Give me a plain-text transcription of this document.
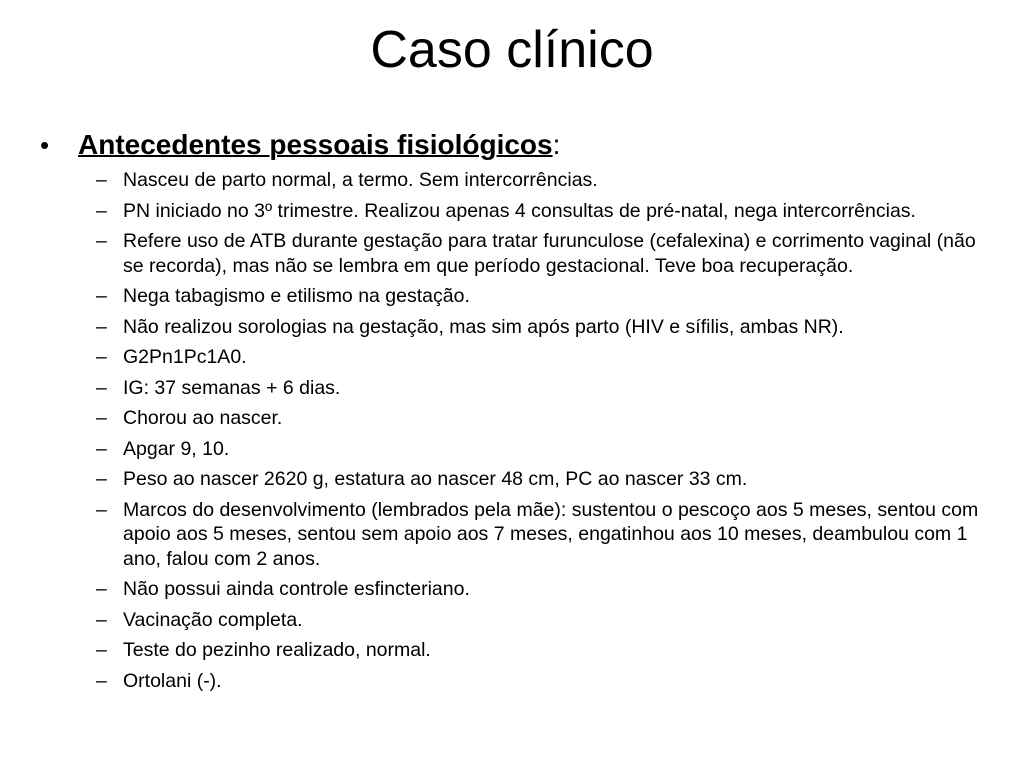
Caso clínico
•	Antecedentes pessoais fisiológicos:
– Nasceu de parto normal, a termo. Sem intercorrências.
– PN iniciado no 3º trimestre. Realizou apenas 4 consultas de pré-natal, nega intercorrências.
– Refere uso de ATB durante gestação para tratar furunculose (cefalexina) e corrimento vaginal (não se recorda), mas não se lembra em que período gestacional. Teve boa recuperação.
– Nega tabagismo e etilismo na gestação.
– Não realizou sorologias na gestação, mas sim após parto (HIV e sífilis, ambas NR).
– G2Pn1Pc1A0.
– IG: 37 semanas + 6 dias.
– Chorou ao nascer.
– Apgar 9, 10.
– Peso ao nascer 2620 g, estatura ao nascer 48 cm, PC ao nascer 33 cm.
– Marcos do desenvolvimento (lembrados pela mãe): sustentou o pescoço aos 5 meses, sentou com apoio aos 5 meses, sentou sem apoio aos 7 meses, engatinhou aos 10 meses, deambulou com 1 ano, falou com 2 anos.
– Não possui ainda controle esfincteriano.
– Vacinação completa.
– Teste do pezinho realizado, normal.
– Ortolani (-).
